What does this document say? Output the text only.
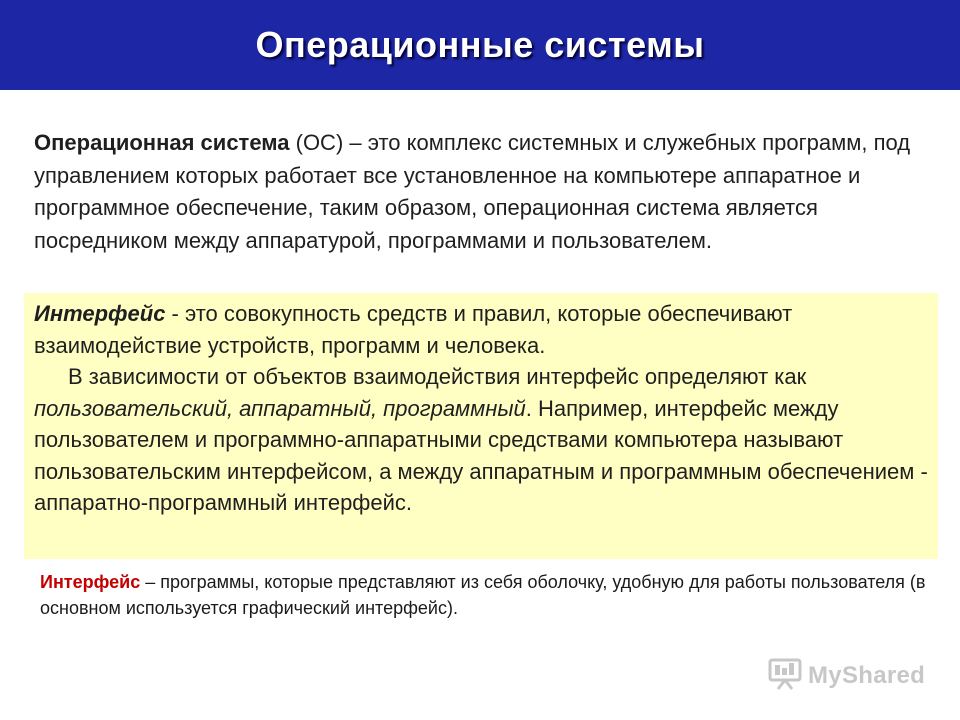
Операционные системы
Операционная система (ОС) – это комплекс системных и служебных программ, под управлением которых работает все установленное на компьютере аппаратное и программное обеспечение, таким образом, операционная система является посредником между аппаратурой, программами и пользователем.
Интерфейс - это совокупность средств и правил, которые обеспечивают взаимодействие устройств, программ и человека.
В зависимости от объектов взаимодействия интерфейс определяют как пользовательский, аппаратный, программный. Например, интерфейс между пользователем и программно-аппаратными средствами компьютера называют пользовательским интерфейсом, а между аппаратным и программным обеспечением - аппаратно-программный интерфейс.
Интерфейс – программы, которые представляют из себя оболочку, удобную для работы пользователя (в основном используется графический интерфейс).
MyShared
